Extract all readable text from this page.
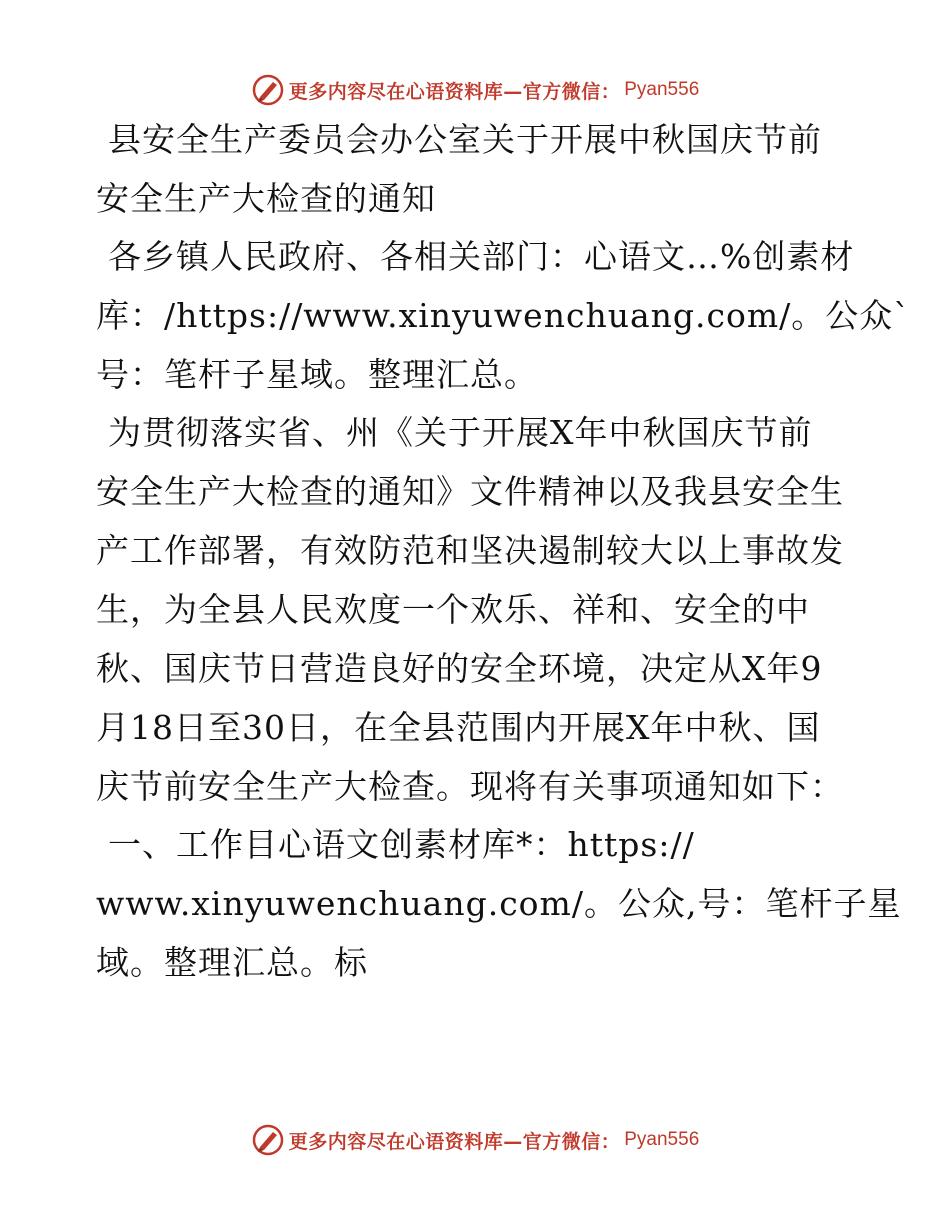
更多内容尽在心语资料库—官方微信： Pyan556
县安全生产委员会办公室关于开展中秋国庆节前
安全生产大检查的通知
各乡镇人民政府、各相关部门：心语文…%创素材
库：/https://www.xinyuwenchuang.com/。公众`
号：笔杆子星域。整理汇总。
为贯彻落实省、州《关于开展X年中秋国庆节前
安全生产大检查的通知》文件精神以及我县安全生
产工作部署，有效防范和坚决遏制较大以上事故发
生，为全县人民欢度一个欢乐、祥和、安全的中
秋、国庆节日营造良好的安全环境，决定从X年9
月18日至30日，在全县范围内开展X年中秋、国
庆节前安全生产大检查。现将有关事项通知如下：
一、工作目心语文创素材库*：https://
www.xinyuwenchuang.com/。公众,号：笔杆子星
域。整理汇总。标
更多内容尽在心语资料库—官方微信： Pyan556
